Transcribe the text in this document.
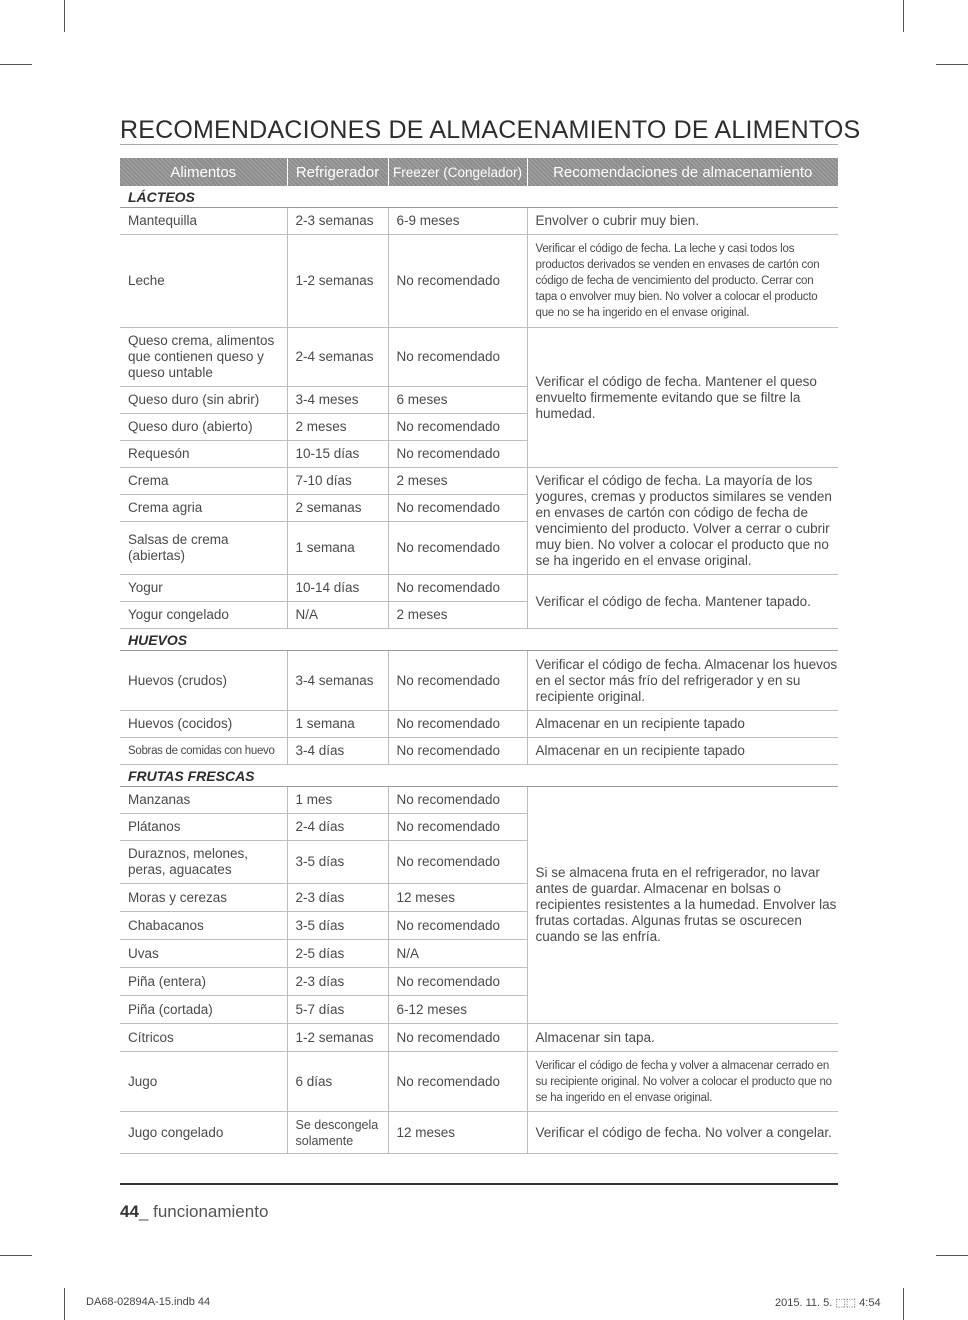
RECOMENDACIONES DE ALMACENAMIENTO DE ALIMENTOS
Alimentos	Refrigerador	Freezer (Congelador)	Recomendaciones de almacenamiento
LÁCTEOS			
Mantequilla	2-3 semanas	6-9 meses	Envolver o cubrir muy bien.
Leche	1-2 semanas	No recomendado	Verificar el código de fecha. La leche y casi todos los productos derivados se venden en envases de cartón con código de fecha de vencimiento del producto. Cerrar con tapa o envolver muy bien. No volver a colocar el producto que no se ha ingerido en el envase original.
Queso crema, alimentos que contienen queso y queso untable	2-4 semanas	No recomendado	Verificar el código de fecha. Mantener el queso envuelto firmemente evitando que se filtre la humedad.
Queso duro (sin abrir)	3-4 meses	6 meses	
Queso duro (abierto)	2 meses	No recomendado	
Requesón	10-15 días	No recomendado	
Crema	7-10 días	2 meses	Verificar el código de fecha. La mayoría de los yogures, cremas y productos similares se venden en envases de cartón con código de fecha de vencimiento del producto. Volver a cerrar o cubrir muy bien. No volver a colocar el producto que no se ha ingerido en el envase original.
Crema agria	2 semanas	No recomendado	
Salsas de crema (abiertas)	1 semana	No recomendado	
Yogur	10-14 días	No recomendado	Verificar el código de fecha. Mantener tapado.
Yogur congelado	N/A	2 meses	
HUEVOS			
Huevos (crudos)	3-4 semanas	No recomendado	Verificar el código de fecha. Almacenar los huevos en el sector más frío del refrigerador y en su recipiente original.
Huevos (cocidos)	1 semana	No recomendado	Almacenar en un recipiente tapado
Sobras de comidas con huevo	3-4 días	No recomendado	Almacenar en un recipiente tapado
FRUTAS FRESCAS			
Manzanas	1 mes	No recomendado	Si se almacena fruta en el refrigerador, no lavar antes de guardar. Almacenar en bolsas o recipientes resistentes a la humedad. Envolver las frutas cortadas. Algunas frutas se oscurecen cuando se las enfría.
Plátanos	2-4 días	No recomendado	
Duraznos, melones, peras, aguacates	3-5 días	No recomendado	
Moras y cerezas	2-3 días	12 meses	
Chabacanos	3-5 días	No recomendado	
Uvas	2-5 días	N/A	
Piña (entera)	2-3 días	No recomendado	
Piña (cortada)	5-7 días	6-12 meses	
Cítricos	1-2 semanas	No recomendado	Almacenar sin tapa.
Jugo	6 días	No recomendado	Verificar el código de fecha y volver a almacenar cerrado en su recipiente original. No volver a colocar el producto que no se ha ingerido en el envase original.
Jugo congelado	Se descongela solamente	12 meses	Verificar el código de fecha. No volver a congelar.
44_ funcionamiento
DA68-02894A-15.indb 44	2015. 11. 5. ⬚⬚ 4:54
